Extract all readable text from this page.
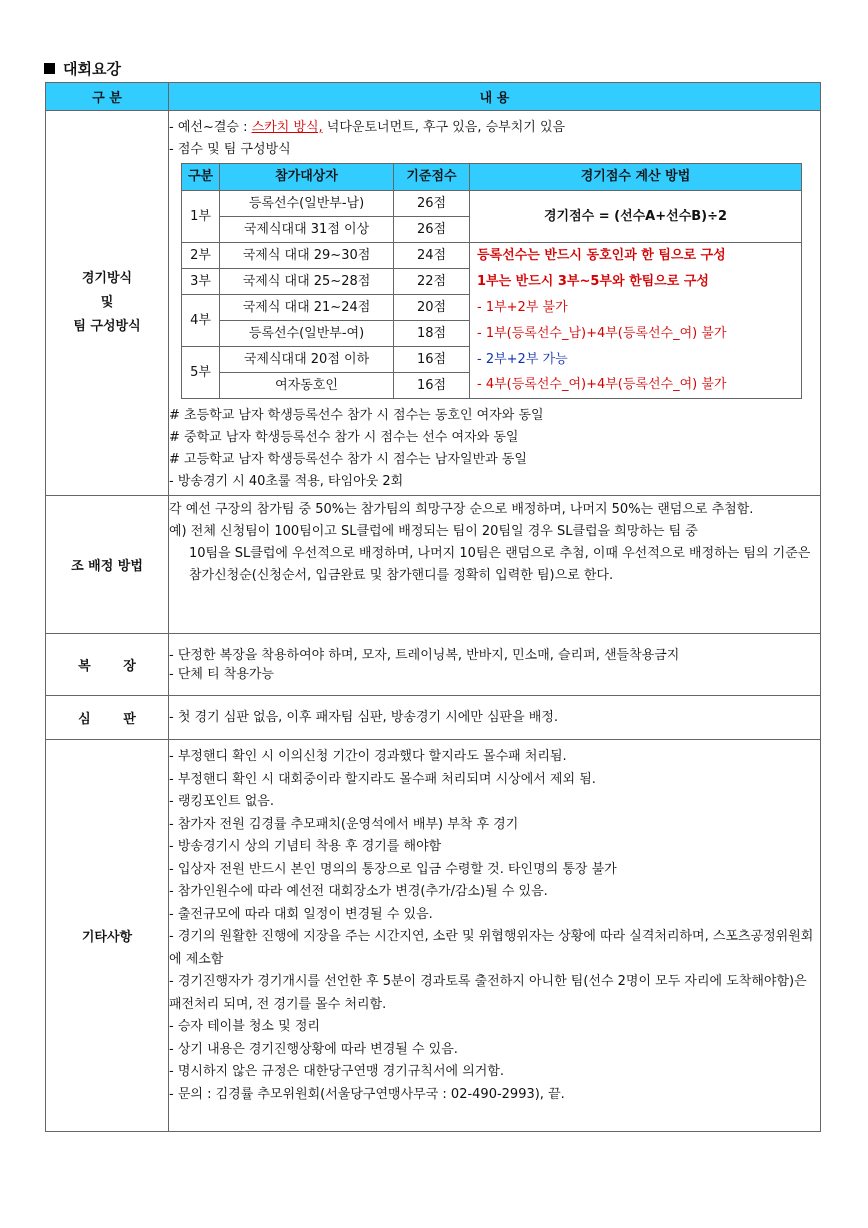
대회요강
구 분	내 용

경기방식
및
팀 구성방식

- 예선~결승 : 스카치 방식, 넉다운토너먼트, 후구 있음, 승부치기 있음
- 점수 및 팀 구성방식
구분	참가대상자	기준점수	경기점수 계산 방법
1부	등록선수(일반부-남)	26점	경기점수 = (선수A+선수B)÷2
국제식대대 31점 이상	26점
2부	국제식 대대 29~30점	24점	등록선수는 반드시 동호인과 한 팀으로 구성
3부	국제식 대대 25~28점	22점	1부는 반드시 3부~5부와 한팀으로 구성
4부	국제식 대대 21~24점	20점	- 1부+2부 불가
등록선수(일반부-여)	18점	- 1부(등록선수_남)+4부(등록선수_여) 불가
5부	국제식대대 20점 이하	16점	- 2부+2부 가능
여자동호인	16점	- 4부(등록선수_여)+4부(등록선수_여) 불가
# 초등학교 남자 학생등록선수 참가 시 점수는 동호인 여자와 동일
# 중학교 남자 학생등록선수 참가 시 점수는 선수 여자와 동일
# 고등학교 남자 학생등록선수 참가 시 점수는 남자일반과 동일
- 방송경기 시 40초룰 적용, 타임아웃 2회

조 배정 방법	
각 예선 구장의 참가팀 중 50%는 참가팀의 희망구장 순으로 배정하며, 나머지 50%는 랜덤으로 추첨함.
예) 전체 신청팀이 100팀이고 SL클럽에 배정되는 팀이 20팀일 경우 SL클럽을 희망하는 팀 중
10팀을 SL클럽에 우선적으로 배정하며, 나머지 10팀은 랜덤으로 추첨, 이때 우선적으로 배정하는 팀의 기준은 참가신청순(신청순서, 입금완료 및 참가핸디를 정확히 입력한 팀)으로 한다.

복 장	
- 단정한 복장을 착용하여야 하며, 모자, 트레이닝복, 반바지, 민소매, 슬리퍼, 샌들착용금지
- 단체 티 착용가능

심 판	- 첫 경기 심판 없음, 이후 패자팀 심판, 방송경기 시에만 심판을 배정.

기타사항	
- 부정핸디 확인 시 이의신청 기간이 경과했다 할지라도 몰수패 처리됨.
- 부정핸디 확인 시 대회중이라 할지라도 몰수패 처리되며 시상에서 제외 됨.
- 랭킹포인트 없음.
- 참가자 전원 김경률 추모패치(운영석에서 배부) 부착 후 경기
- 방송경기시 상의 기념티 착용 후 경기를 해야함
- 입상자 전원 반드시 본인 명의의 통장으로 입금 수령할 것. 타인명의 통장 불가
- 참가인원수에 따라 예선전 대회장소가 변경(추가/감소)될 수 있음.
- 출전규모에 따라 대회 일정이 변경될 수 있음.
- 경기의 원활한 진행에 지장을 주는 시간지연, 소란 및 위협행위자는 상황에 따라 실격처리하며, 스포츠공정위원회에 제소함
- 경기진행자가 경기개시를 선언한 후 5분이 경과토록 출전하지 아니한 팀(선수 2명이 모두 자리에 도착해야함)은 패전처리 되며, 전 경기를 몰수 처리함.
- 승자 테이블 청소 및 정리
- 상기 내용은 경기진행상황에 따라 변경될 수 있음.
- 명시하지 않은 규정은 대한당구연맹 경기규칙서에 의거함.
- 문의 : 김경률 추모위원회(서울당구연맹사무국 : 02-490-2993), 끝.
